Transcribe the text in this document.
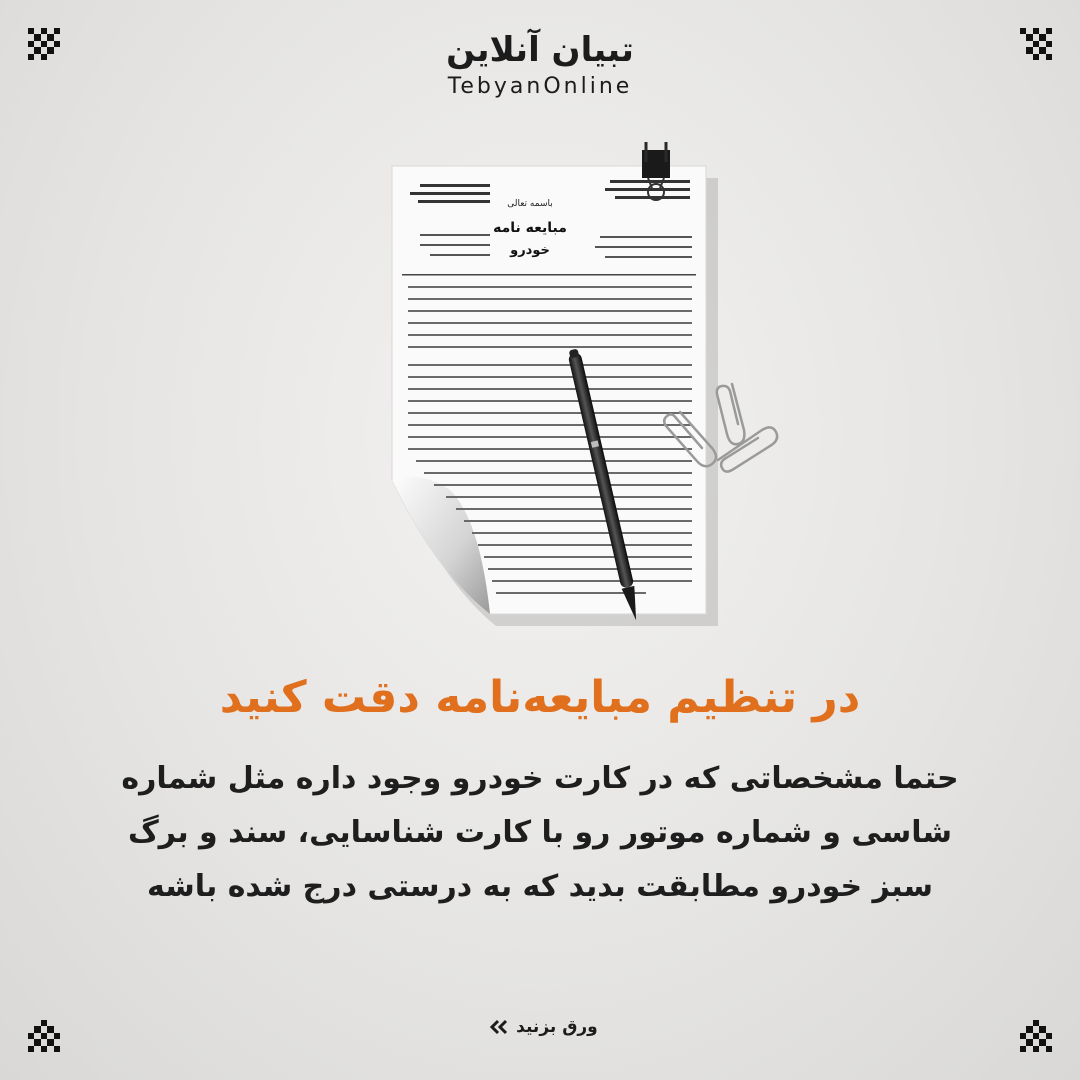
تبیان آنلاین
TebyanOnline
باسمه تعالی
مبایعه نامه
خودرو
در تنظیم مبایعه‌نامه دقت کنید
حتما مشخصاتی که در کارت خودرو وجود داره مثل شماره
شاسی و شماره موتور رو با کارت شناسایی، سند و برگ
سبز خودرو مطابقت بدید که به درستی درج شده باشه
ورق بزنید
